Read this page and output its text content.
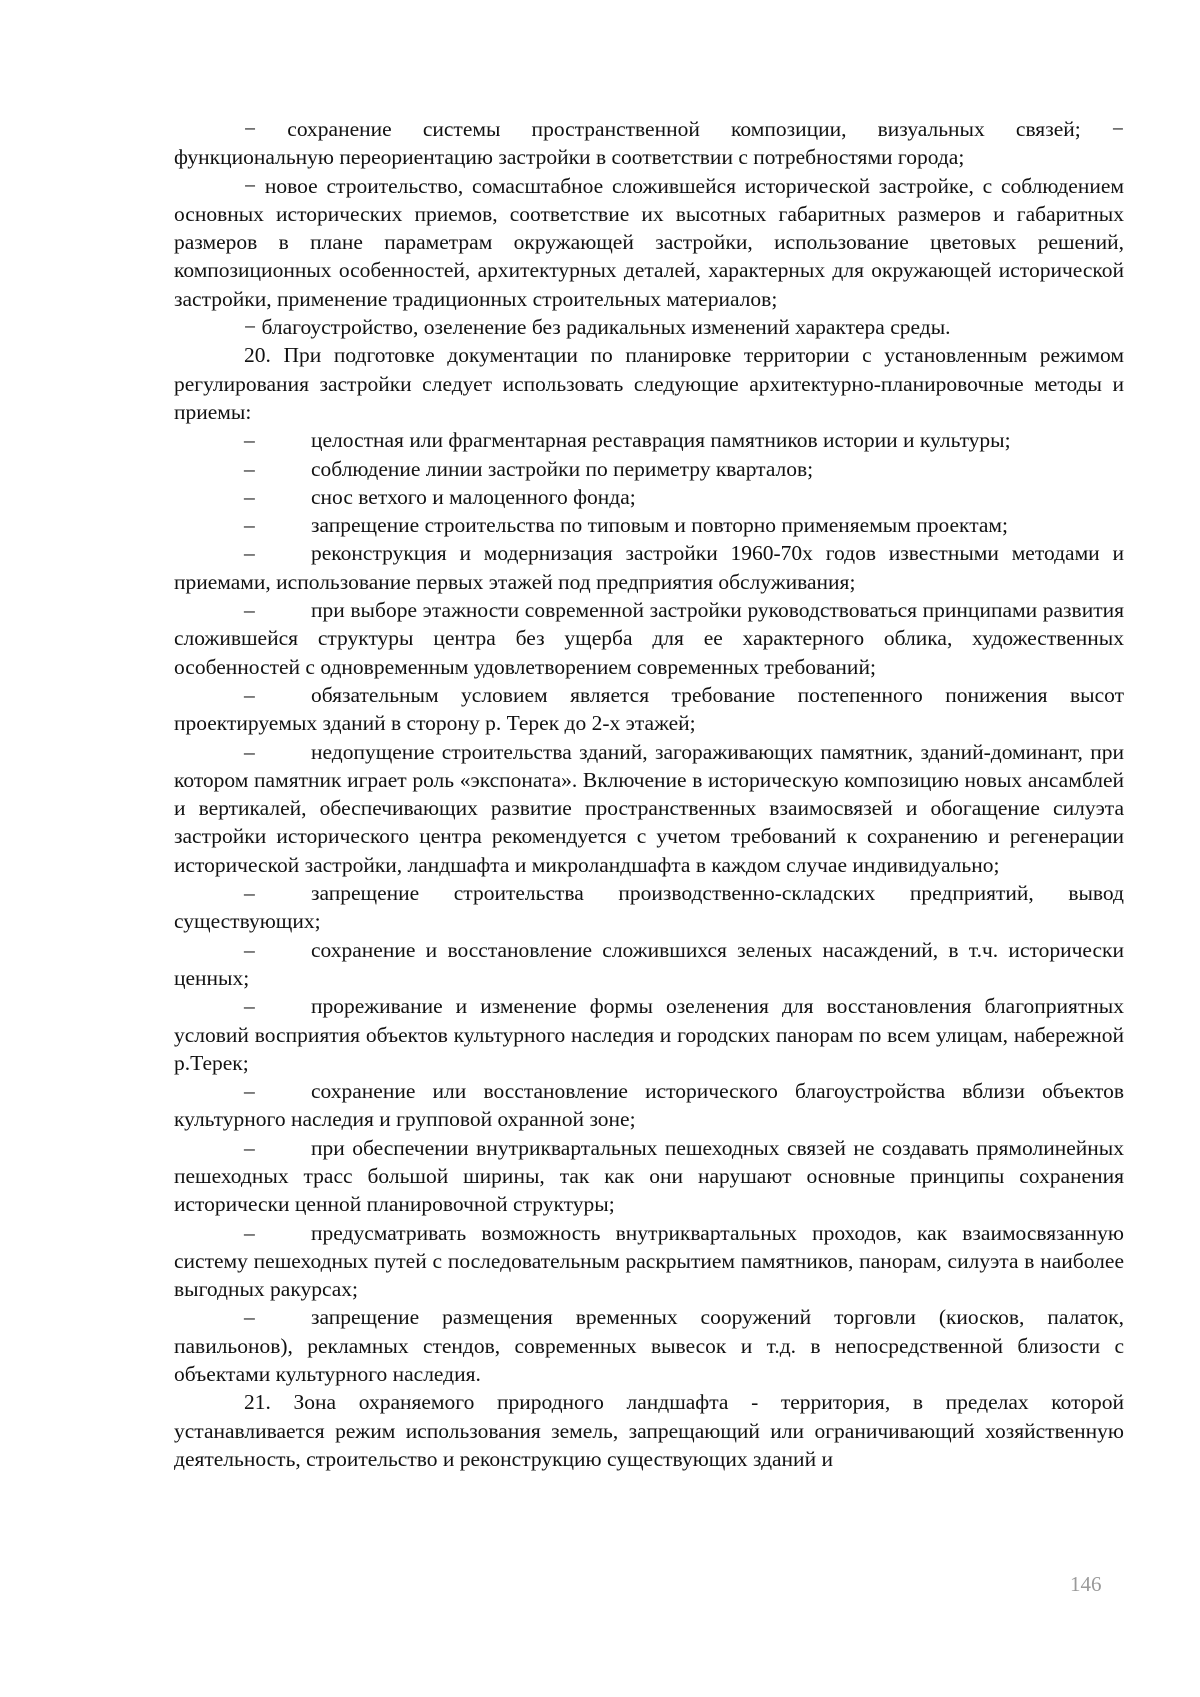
− сохранение системы пространственной композиции, визуальных связей; −

функциональную переориентацию застройки в соответствии с потребностями города;

− новое строительство, сомасштабное сложившейся исторической застройке, с соблюдением основных исторических приемов, соответствие их высотных габаритных размеров и габаритных размеров в плане параметрам окружающей застройки, использование цветовых решений, композиционных особенностей, архитектурных деталей, характерных для окружающей исторической застройки, применение традиционных строительных материалов;

− благоустройство, озеленение без радикальных изменений характера среды.

20. При подготовке документации по планировке территории с установленным режимом регулирования застройки следует использовать следующие архитектурно-планировочные методы и приемы:

–	целостная или фрагментарная реставрация памятников истории и культуры;

–	соблюдение линии застройки по периметру кварталов;

–	снос ветхого и малоценного фонда;

–	запрещение строительства по типовым и повторно применяемым проектам;

–	реконструкция и модернизация застройки 1960-70х годов известными методами и приемами, использование первых этажей под предприятия обслуживания;

–	при выборе этажности современной застройки руководствоваться принципами развития сложившейся структуры центра без ущерба для ее характерного облика, художественных особенностей с одновременным удовлетворением современных требований;

–	обязательным условием является требование постепенного понижения высот проектируемых зданий в сторону р. Терек до 2-х этажей;

–	недопущение строительства зданий, загораживающих памятник, зданий-доминант, при котором памятник играет роль «экспоната». Включение в историческую композицию новых ансамблей и вертикалей, обеспечивающих развитие пространственных взаимосвязей и обогащение силуэта застройки исторического центра рекомендуется с учетом требований к сохранению и регенерации исторической застройки, ландшафта и микроландшафта в каждом случае индивидуально;

–	запрещение строительства производственно-складских предприятий, вывод существующих;

–	сохранение и восстановление сложившихся зеленых насаждений, в т.ч. исторически ценных;

–	прореживание и изменение формы озеленения для восстановления благоприятных условий восприятия объектов культурного наследия и городских панорам по всем улицам, набережной р.Терек;

–	сохранение или восстановление исторического благоустройства вблизи объектов культурного наследия и групповой охранной зоне;

–	при обеспечении внутриквартальных пешеходных связей не создавать прямолинейных пешеходных трасс большой ширины, так как они нарушают основные принципы сохранения исторически ценной планировочной структуры;

–	предусматривать возможность внутриквартальных проходов, как взаимосвязанную систему пешеходных путей с последовательным раскрытием памятников, панорам, силуэта в наиболее выгодных ракурсах;

–	запрещение размещения временных сооружений торговли (киосков, палаток, павильонов), рекламных стендов, современных вывесок и т.д. в непосредственной близости с объектами культурного наследия.

21. Зона охраняемого природного ландшафта - территория, в пределах которой устанавливается режим использования земель, запрещающий или ограничивающий хозяйственную деятельность, строительство и реконструкцию существующих зданий и

146
